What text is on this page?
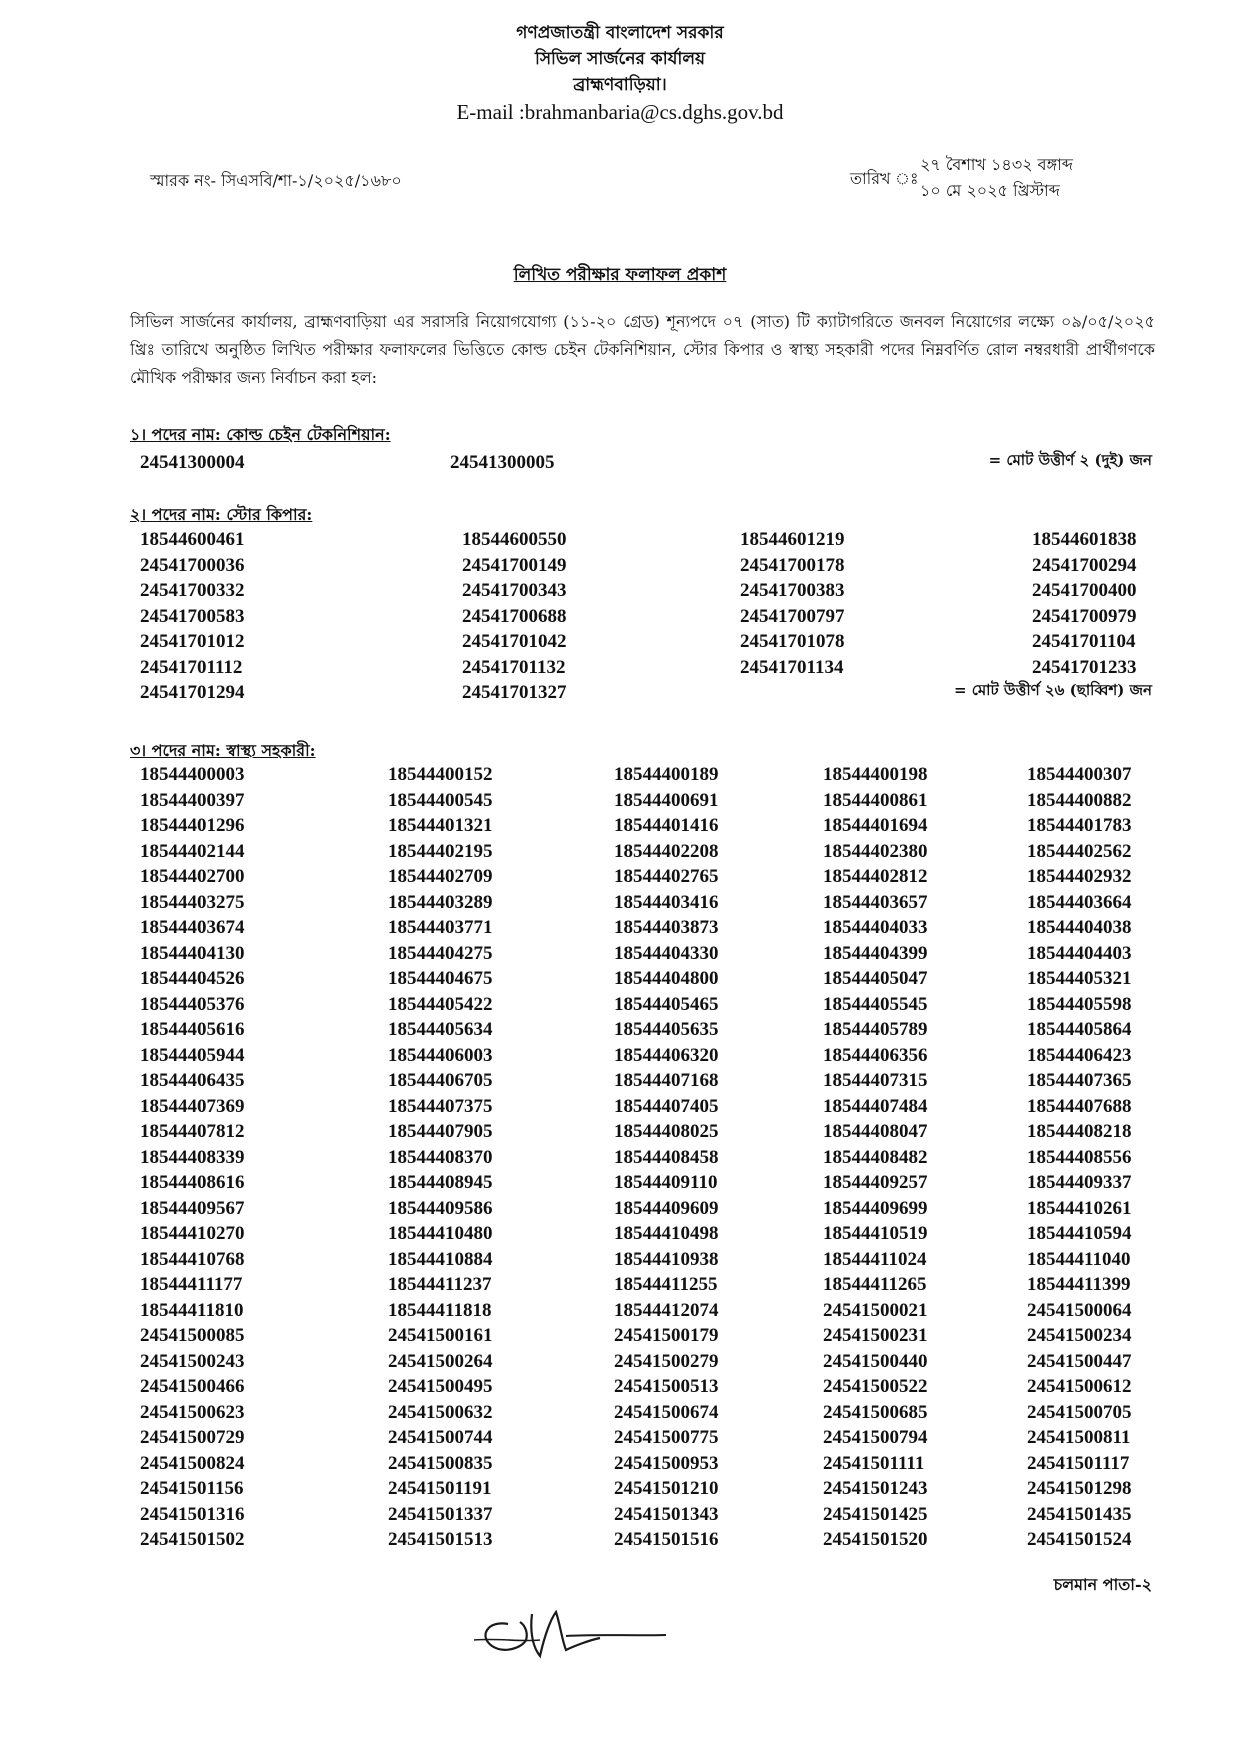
গণপ্রজাতন্ত্রী বাংলাদেশ সরকার
সিভিল সার্জনের কার্যালয়
ব্রাহ্মণবাড়িয়া।
E-mail :brahmanbaria@cs.dghs.gov.bd
স্মারক নং- সিএসবি/শা-১/২০২৫/১৬৮০	তারিখ ঃ
২৭ বৈশাখ ১৪৩২ বঙ্গাব্দ
১০ মে ২০২৫ খ্রিস্টাব্দ
লিখিত পরীক্ষার ফলাফল প্রকাশ
সিভিল সার্জনের কার্যালয়, ব্রাহ্মণবাড়িয়া এর সরাসরি নিয়োগযোগ্য (১১-২০ গ্রেড) শূন্যপদে ০৭ (সাত) টি ক্যাটাগরিতে জনবল নিয়োগের লক্ষ্যে ০৯/০৫/২০২৫ খ্রিঃ তারিখে অনুষ্ঠিত লিখিত পরীক্ষার ফলাফলের ভিত্তিতে কোল্ড চেইন টেকনিশিয়ান, স্টোর কিপার ও স্বাস্থ্য সহকারী পদের নিম্নবর্ণিত রোল নম্বরধারী প্রার্থীগণকে মৌখিক পরীক্ষার জন্য নির্বাচন করা হল:
১। পদের নাম: কোল্ড চেইন টেকনিশিয়ান:
24541300004	24541300005	= মোট উত্তীর্ণ ২ (দুই) জন
২। পদের নাম: স্টোর কিপার:
18544600461	18544600550	18544601219	18544601838
24541700036	24541700149	24541700178	24541700294
24541700332	24541700343	24541700383	24541700400
24541700583	24541700688	24541700797	24541700979
24541701012	24541701042	24541701078	24541701104
24541701112	24541701132	24541701134	24541701233
24541701294	24541701327	= মোট উত্তীর্ণ ২৬ (ছাব্বিশ) জন
৩। পদের নাম: স্বাস্থ্য সহকারী:
18544400003	18544400152	18544400189	18544400198	18544400307
18544400397	18544400545	18544400691	18544400861	18544400882
18544401296	18544401321	18544401416	18544401694	18544401783
18544402144	18544402195	18544402208	18544402380	18544402562
18544402700	18544402709	18544402765	18544402812	18544402932
18544403275	18544403289	18544403416	18544403657	18544403664
18544403674	18544403771	18544403873	18544404033	18544404038
18544404130	18544404275	18544404330	18544404399	18544404403
18544404526	18544404675	18544404800	18544405047	18544405321
18544405376	18544405422	18544405465	18544405545	18544405598
18544405616	18544405634	18544405635	18544405789	18544405864
18544405944	18544406003	18544406320	18544406356	18544406423
18544406435	18544406705	18544407168	18544407315	18544407365
18544407369	18544407375	18544407405	18544407484	18544407688
18544407812	18544407905	18544408025	18544408047	18544408218
18544408339	18544408370	18544408458	18544408482	18544408556
18544408616	18544408945	18544409110	18544409257	18544409337
18544409567	18544409586	18544409609	18544409699	18544410261
18544410270	18544410480	18544410498	18544410519	18544410594
18544410768	18544410884	18544410938	18544411024	18544411040
18544411177	18544411237	18544411255	18544411265	18544411399
18544411810	18544411818	18544412074	24541500021	24541500064
24541500085	24541500161	24541500179	24541500231	24541500234
24541500243	24541500264	24541500279	24541500440	24541500447
24541500466	24541500495	24541500513	24541500522	24541500612
24541500623	24541500632	24541500674	24541500685	24541500705
24541500729	24541500744	24541500775	24541500794	24541500811
24541500824	24541500835	24541500953	24541501111	24541501117
24541501156	24541501191	24541501210	24541501243	24541501298
24541501316	24541501337	24541501343	24541501425	24541501435
24541501502	24541501513	24541501516	24541501520	24541501524
চলমান পাতা-২
